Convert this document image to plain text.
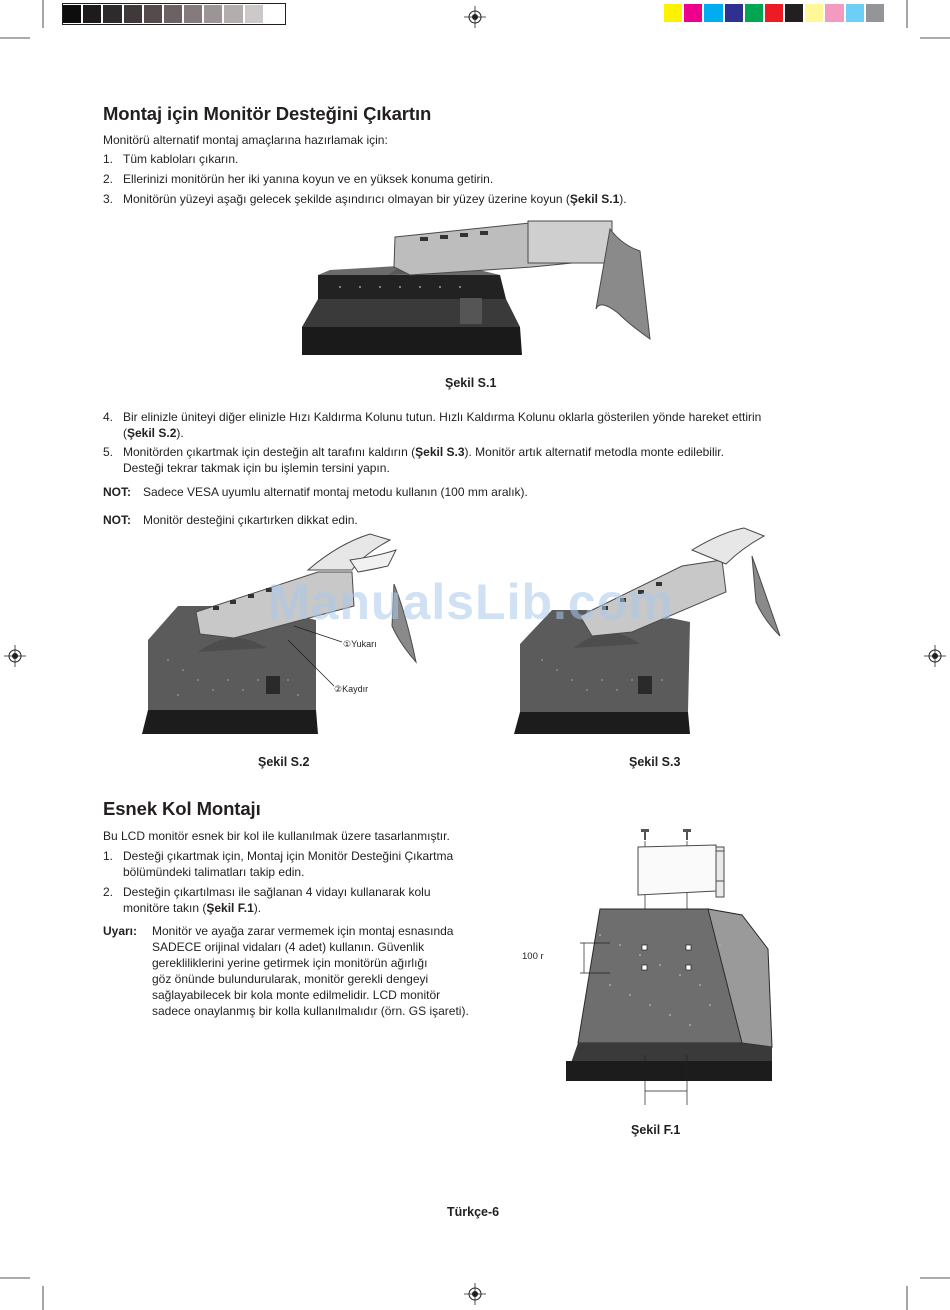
Montaj için Monitör Desteğini Çıkartın
Monitörü alternatif montaj amaçlarına hazırlamak için:
1. Tüm kabloları çıkarın.
2. Ellerinizi monitörün her iki yanına koyun ve en yüksek konuma getirin.
3. Monitörün yüzeyi aşağı gelecek şekilde aşındırıcı olmayan bir yüzey üzerine koyun (Şekil S.1).
Şekil S.1
4. Bir elinizle üniteyi diğer elinizle Hızı Kaldırma Kolunu tutun. Hızlı Kaldırma Kolunu oklarla gösterilen yönde hareket ettirin
(Şekil S.2).
5. Monitörden çıkartmak için desteğin alt tarafını kaldırın (Şekil S.3). Monitör artık alternatif metodla monte edilebilir.
Desteği tekrar takmak için bu işlemin tersini yapın.
NOT: Sadece VESA uyumlu alternatif montaj metodu kullanın (100 mm aralık).
NOT: Monitör desteğini çıkartırken dikkat edin.
①Yukarı
②Kaydır
ManualsLib.com
Şekil S.2	Şekil S.3
Esnek Kol Montajı
Bu LCD monitör esnek bir kol ile kullanılmak üzere tasarlanmıştır.
1. Desteği çıkartmak için, Montaj için Monitör Desteğini Çıkartma
bölümündeki talimatları takip edin.
2. Desteğin çıkartılması ile sağlanan 4 vidayı kullanarak kolu
monitöre takın (Şekil F.1).
Uyarı: Monitör ve ayağa zarar vermemek için montaj esnasında
SADECE orijinal vidaları (4 adet) kullanın. Güvenlik
gerekliliklerini yerine getirmek için monitörün ağırlığı
göz önünde bulundurularak, monitör gerekli dengeyi
sağlayabilecek bir kola monte edilmelidir. LCD monitör
sadece onaylanmış bir kolla kullanılmalıdır (örn. GS işareti).
100 r
Şekil F.1
Türkçe-6
